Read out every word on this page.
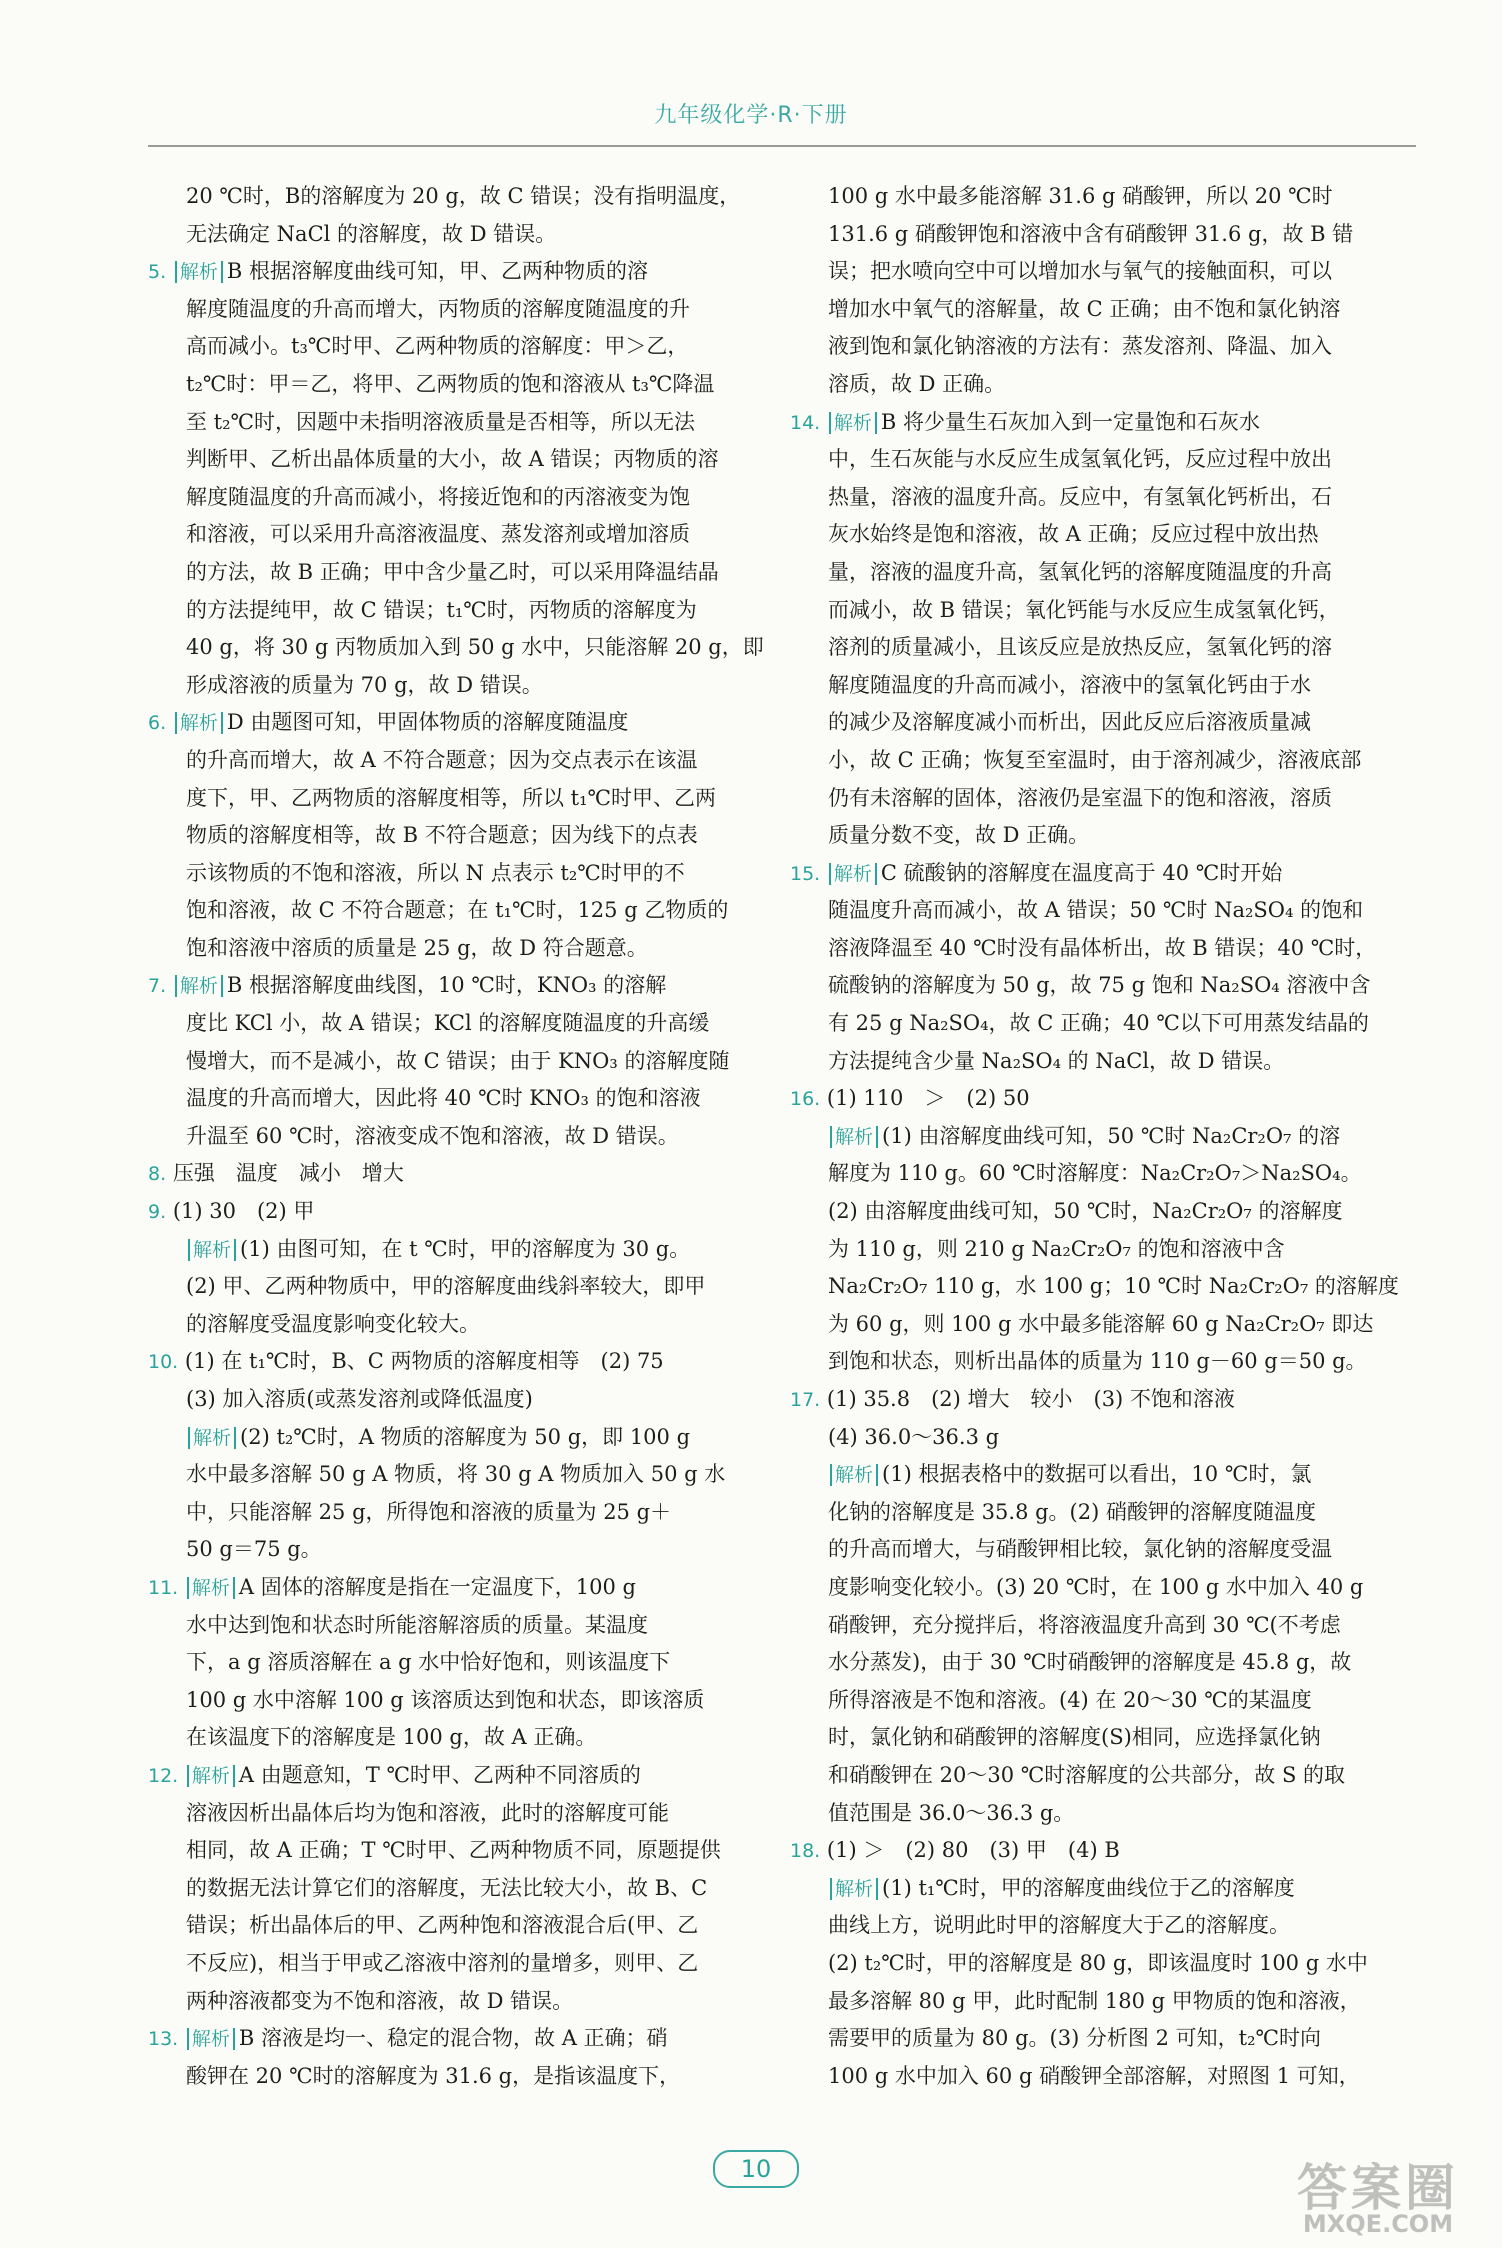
九年级化学·R·下册
20 ℃时，B的溶解度为 20 g，故 C 错误；没有指明温度，
无法确定 NaCl 的溶解度，故 D 错误。
5. 解析 B 根据溶解度曲线可知，甲、乙两种物质的溶
解度随温度的升高而增大，丙物质的溶解度随温度的升
高而减小。t₃℃时甲、乙两种物质的溶解度：甲＞乙，
t₂℃时：甲＝乙，将甲、乙两物质的饱和溶液从 t₃℃降温
至 t₂℃时，因题中未指明溶液质量是否相等，所以无法
判断甲、乙析出晶体质量的大小，故 A 错误；丙物质的溶
解度随温度的升高而减小，将接近饱和的丙溶液变为饱
和溶液，可以采用升高溶液温度、蒸发溶剂或增加溶质
的方法，故 B 正确；甲中含少量乙时，可以采用降温结晶
的方法提纯甲，故 C 错误；t₁℃时，丙物质的溶解度为
40 g，将 30 g 丙物质加入到 50 g 水中，只能溶解 20 g，即
形成溶液的质量为 70 g，故 D 错误。
6. 解析 D 由题图可知，甲固体物质的溶解度随温度
的升高而增大，故 A 不符合题意；因为交点表示在该温
度下，甲、乙两物质的溶解度相等，所以 t₁℃时甲、乙两
物质的溶解度相等，故 B 不符合题意；因为线下的点表
示该物质的不饱和溶液，所以 N 点表示 t₂℃时甲的不
饱和溶液，故 C 不符合题意；在 t₁℃时，125 g 乙物质的
饱和溶液中溶质的质量是 25 g，故 D 符合题意。
7. 解析 B 根据溶解度曲线图，10 ℃时，KNO₃ 的溶解
度比 KCl 小，故 A 错误；KCl 的溶解度随温度的升高缓
慢增大，而不是减小，故 C 错误；由于 KNO₃ 的溶解度随
温度的升高而增大，因此将 40 ℃时 KNO₃ 的饱和溶液
升温至 60 ℃时，溶液变成不饱和溶液，故 D 错误。
8. 压强　温度　减小　增大
9. (1) 30　(2) 甲
解析 (1) 由图可知，在 t ℃时，甲的溶解度为 30 g。
(2) 甲、乙两种物质中，甲的溶解度曲线斜率较大，即甲
的溶解度受温度影响变化较大。
10. (1) 在 t₁℃时，B、C 两物质的溶解度相等　(2) 75
(3) 加入溶质(或蒸发溶剂或降低温度)
解析 (2) t₂℃时，A 物质的溶解度为 50 g，即 100 g
水中最多溶解 50 g A 物质，将 30 g A 物质加入 50 g 水
中，只能溶解 25 g，所得饱和溶液的质量为 25 g＋
50 g＝75 g。
11. 解析 A 固体的溶解度是指在一定温度下，100 g
水中达到饱和状态时所能溶解溶质的质量。某温度
下，a g 溶质溶解在 a g 水中恰好饱和，则该温度下
100 g 水中溶解 100 g 该溶质达到饱和状态，即该溶质
在该温度下的溶解度是 100 g，故 A 正确。
12. 解析 A 由题意知，T ℃时甲、乙两种不同溶质的
溶液因析出晶体后均为饱和溶液，此时的溶解度可能
相同，故 A 正确；T ℃时甲、乙两种物质不同，原题提供
的数据无法计算它们的溶解度，无法比较大小，故 B、C
错误；析出晶体后的甲、乙两种饱和溶液混合后(甲、乙
不反应)，相当于甲或乙溶液中溶剂的量增多，则甲、乙
两种溶液都变为不饱和溶液，故 D 错误。
13. 解析 B 溶液是均一、稳定的混合物，故 A 正确；硝
酸钾在 20 ℃时的溶解度为 31.6 g，是指该温度下，
100 g 水中最多能溶解 31.6 g 硝酸钾，所以 20 ℃时
131.6 g 硝酸钾饱和溶液中含有硝酸钾 31.6 g，故 B 错
误；把水喷向空中可以增加水与氧气的接触面积，可以
增加水中氧气的溶解量，故 C 正确；由不饱和氯化钠溶
液到饱和氯化钠溶液的方法有：蒸发溶剂、降温、加入
溶质，故 D 正确。
14. 解析 B 将少量生石灰加入到一定量饱和石灰水
中，生石灰能与水反应生成氢氧化钙，反应过程中放出
热量，溶液的温度升高。反应中，有氢氧化钙析出，石
灰水始终是饱和溶液，故 A 正确；反应过程中放出热
量，溶液的温度升高，氢氧化钙的溶解度随温度的升高
而减小，故 B 错误；氧化钙能与水反应生成氢氧化钙，
溶剂的质量减小，且该反应是放热反应，氢氧化钙的溶
解度随温度的升高而减小，溶液中的氢氧化钙由于水
的减少及溶解度减小而析出，因此反应后溶液质量减
小，故 C 正确；恢复至室温时，由于溶剂减少，溶液底部
仍有未溶解的固体，溶液仍是室温下的饱和溶液，溶质
质量分数不变，故 D 正确。
15. 解析 C 硫酸钠的溶解度在温度高于 40 ℃时开始
随温度升高而减小，故 A 错误；50 ℃时 Na₂SO₄ 的饱和
溶液降温至 40 ℃时没有晶体析出，故 B 错误；40 ℃时，
硫酸钠的溶解度为 50 g，故 75 g 饱和 Na₂SO₄ 溶液中含
有 25 g Na₂SO₄，故 C 正确；40 ℃以下可用蒸发结晶的
方法提纯含少量 Na₂SO₄ 的 NaCl，故 D 错误。
16. (1) 110　＞　(2) 50
解析 (1) 由溶解度曲线可知，50 ℃时 Na₂Cr₂O₇ 的溶
解度为 110 g。60 ℃时溶解度：Na₂Cr₂O₇＞Na₂SO₄。
(2) 由溶解度曲线可知，50 ℃时，Na₂Cr₂O₇ 的溶解度
为 110 g，则 210 g Na₂Cr₂O₇ 的饱和溶液中含
Na₂Cr₂O₇ 110 g，水 100 g；10 ℃时 Na₂Cr₂O₇ 的溶解度
为 60 g，则 100 g 水中最多能溶解 60 g Na₂Cr₂O₇ 即达
到饱和状态，则析出晶体的质量为 110 g－60 g＝50 g。
17. (1) 35.8　(2) 增大　较小　(3) 不饱和溶液
(4) 36.0～36.3 g
解析 (1) 根据表格中的数据可以看出，10 ℃时，氯
化钠的溶解度是 35.8 g。(2) 硝酸钾的溶解度随温度
的升高而增大，与硝酸钾相比较，氯化钠的溶解度受温
度影响变化较小。(3) 20 ℃时，在 100 g 水中加入 40 g
硝酸钾，充分搅拌后，将溶液温度升高到 30 ℃(不考虑
水分蒸发)，由于 30 ℃时硝酸钾的溶解度是 45.8 g，故
所得溶液是不饱和溶液。(4) 在 20～30 ℃的某温度
时，氯化钠和硝酸钾的溶解度(S)相同，应选择氯化钠
和硝酸钾在 20～30 ℃时溶解度的公共部分，故 S 的取
值范围是 36.0～36.3 g。
18. (1) ＞　(2) 80　(3) 甲　(4) B
解析 (1) t₁℃时，甲的溶解度曲线位于乙的溶解度
曲线上方，说明此时甲的溶解度大于乙的溶解度。
(2) t₂℃时，甲的溶解度是 80 g，即该温度时 100 g 水中
最多溶解 80 g 甲，此时配制 180 g 甲物质的饱和溶液，
需要甲的质量为 80 g。(3) 分析图 2 可知，t₂℃时向
100 g 水中加入 60 g 硝酸钾全部溶解，对照图 1 可知，
10	答案圈
MXQE.COM
